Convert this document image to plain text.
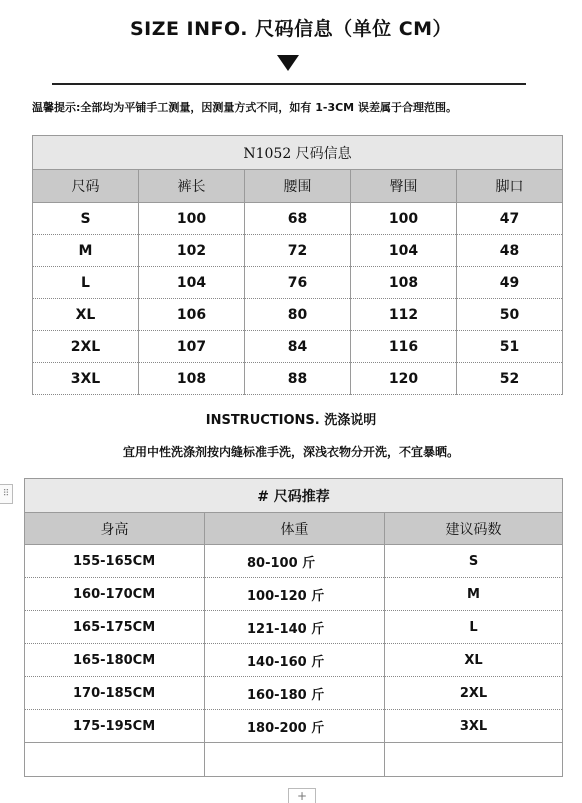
SIZE INFO. 尺码信息（单位 CM）
温馨提示:全部均为平铺手工测量，因测量方式不同，如有 1-3CM 误差属于合理范围。
N1052 尺码信息				
尺码	裤长	腰围	臀围	脚口
S	100	68	100	47
M	102	72	104	48
L	104	76	108	49
XL	106	80	112	50
2XL	107	84	116	51
3XL	108	88	120	52
INSTRUCTIONS. 洗涤说明
宜用中性洗涤剂按内缝标准手洗，深浅衣物分开洗，不宜暴晒。
⠿	# 尺码推荐		
身高	体重	建议码数
155-165CM	80-100 斤	S
160-170CM	100-120 斤	M
165-175CM	121-140 斤	L
165-180CM	140-160 斤	XL
170-185CM	160-180 斤	2XL
175-195CM	180-200 斤	3XL

+
